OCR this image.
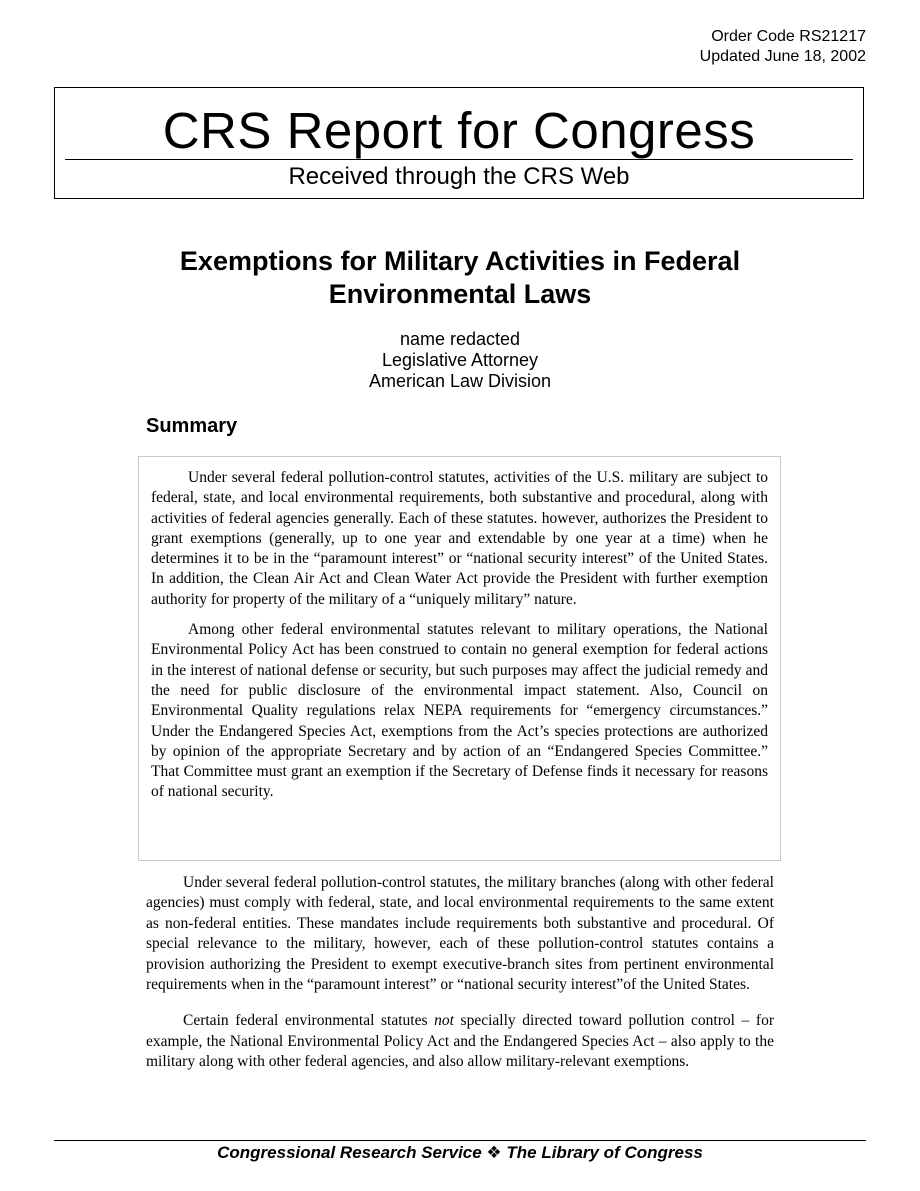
Order Code RS21217
Updated June 18, 2002
CRS Report for Congress
Received through the CRS Web
Exemptions for Military Activities in Federal Environmental Laws
name redacted
Legislative Attorney
American Law Division
Summary

Under several federal pollution-control statutes, activities of the U.S. military are subject to federal, state, and local environmental requirements, both substantive and procedural, along with activities of federal agencies generally. Each of these statutes. however, authorizes the President to grant exemptions (generally, up to one year and extendable by one year at a time) when he determines it to be in the “paramount interest” or “national security interest” of the United States. In addition, the Clean Air Act and Clean Water Act provide the President with further exemption authority for property of the military of a “uniquely military” nature.

Among other federal environmental statutes relevant to military operations, the National Environmental Policy Act has been construed to contain no general exemption for federal actions in the interest of national defense or security, but such purposes may affect the judicial remedy and the need for public disclosure of the environmental impact statement. Also, Council on Environmental Quality regulations relax NEPA requirements for “emergency circumstances.” Under the Endangered Species Act, exemptions from the Act’s species protections are authorized by opinion of the appropriate Secretary and by action of an “Endangered Species Committee.” That Committee must grant an exemption if the Secretary of Defense finds it necessary for reasons of national security.

Under several federal pollution-control statutes, the military branches (along with other federal agencies) must comply with federal, state, and local environmental requirements to the same extent as non-federal entities. These mandates include requirements both substantive and procedural. Of special relevance to the military, however, each of these pollution-control statutes contains a provision authorizing the President to exempt executive-branch sites from pertinent environmental requirements when in the “paramount interest” or “national security interest”of the United States.

Certain federal environmental statutes not specially directed toward pollution control – for example, the National Environmental Policy Act and the Endangered Species Act – also apply to the military along with other federal agencies, and also allow military-relevant exemptions.

Congressional Research Service ❖ The Library of Congress
